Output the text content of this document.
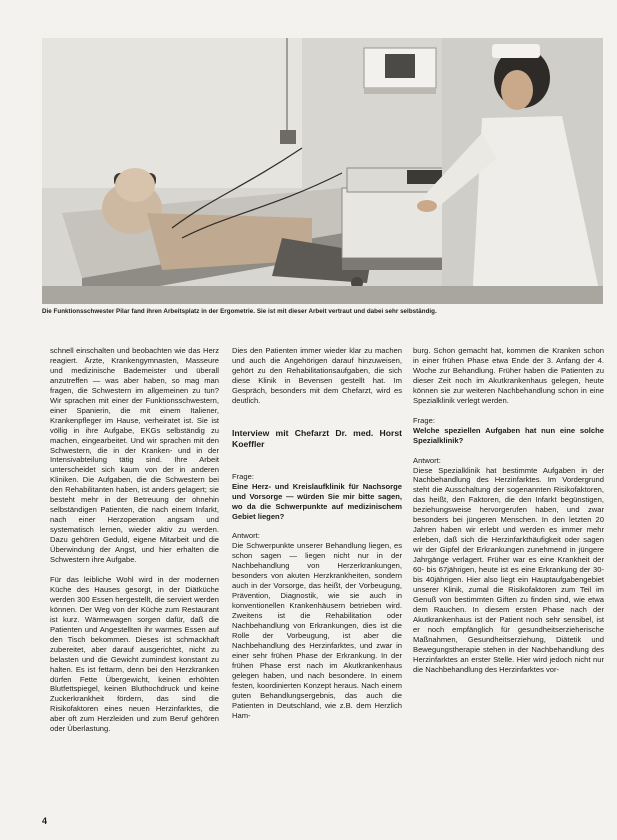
Die Funktionsschwester Pilar fand ihren Arbeitsplatz in der Ergometrie. Sie ist mit dieser Arbeit vertraut und dabei sehr selbständig.

schnell einschalten und beobachten wie das Herz reagiert. Ärzte, Krankengymnasten, Masseure und medizinische Bademeister und überall anzutreffen — was aber haben, so mag man fragen, die Schwestern im allgemeinen zu tun? Wir sprachen mit einer der Funktionsschwestern, einer Spanierin, die mit einem Italiener, Krankenpfleger im Hause, verheiratet ist. Sie ist völlig in ihre Aufgabe, EKGs selbständig zu machen, eingearbeitet. Und wir sprachen mit den Schwestern, die in der Kranken- und in der Intensivabteilung tätig sind. Ihre Arbeit unterscheidet sich kaum von der in anderen Kliniken. Die Aufgaben, die die Schwestern bei den Rehabilitanten haben, ist anders gelagert; sie besteht mehr in der Betreuung der ohnehin selbständigen Patienten, die nach einem Infarkt, nach einer Herzoperation angsam und systematisch lernen, wieder aktiv zu werden. Dazu gehören Geduld, eigene Mitarbeit und die Überwindung der Angst, und hier erhalten die Schwestern ihre Aufgabe.

Für das leibliche Wohl wird in der modernen Küche des Hauses gesorgt, in der Diätküche werden 300 Essen hergestellt, die serviert werden können. Der Weg von der Küche zum Restaurant ist kurz. Wärmewagen sorgen dafür, daß die Patienten und Angestellten ihr warmes Essen auf den Tisch bekommen. Dieses ist schmackhaft zubereitet, aber darauf ausgerichtet, nicht zu belasten und die Gewicht zumindest konstant zu halten. Es ist fettarm, denn bei den Herzkranken dürfen Fette Übergewicht, keinen erhöhten Blutfettspiegel, keinen Bluthochdruck und keine Zuckerkrankheit fördern, das sind die Risikofaktoren eines neuen Herzinfarktes, die aber oft zum Herzleiden und zum Beruf gehören oder Überlastung.

Dies den Patienten immer wieder klar zu machen und auch die Angehörigen darauf hinzuweisen, gehört zu den Rehabilitationsaufgaben, die sich diese Klinik in Bevensen gestellt hat. Im Gespräch, besonders mit dem Chefarzt, wird es deutlich.

Interview mit Chefarzt Dr. med. Horst Koeffler

Frage:

Eine Herz- und Kreislaufklinik für Nachsorge und Vorsorge — würden Sie mir bitte sagen, wo da die Schwerpunkte auf medizinischem Gebiet liegen?

Antwort:

Die Schwerpunkte unserer Behandlung liegen, es schon sagen — liegen nicht nur in der Nachbehandlung von Herzerkrankungen, besonders von akuten Herzkrankheiten, sondern auch in der Vorsorge, das heißt, der Vorbeugung, Prävention, Diagnostik, wie sie auch in konventionellen Krankenhäusern betrieben wird. Zweitens ist die Rehabilitation oder Nachbehandlung von Erkrankungen, dies ist die Rolle der Vorbeugung, ist aber die Nachbehandlung des Herzinfarktes, und zwar in einer sehr frühen Phase der Erkrankung. In der frühen Phase erst nach im Akutkrankenhaus gelegen haben, und nach besondere. In einem festen, koordinierten Konzept heraus. Nach einem guten Behandlungsergebnis, das auch die Patienten in Deutschland, wie z.B. dem Herzlich Ham-

burg. Schon gemacht hat, kommen die Kranken schon in einer frühen Phase etwa Ende der 3. Anfang der 4. Woche zur Behandlung. Früher haben die Patienten zu dieser Zeit noch im Akutkrankenhaus gelegen, heute können sie zur weiteren Nachbehandlung schon in eine Spezialklinik verlegt werden.

Frage:

Welche speziellen Aufgaben hat nun eine solche Spezialklinik?

Antwort:

Diese Spezialklinik hat bestimmte Aufgaben in der Nachbehandlung des Herzinfarktes. Im Vordergrund steht die Ausschaltung der sogenannten Risikofaktoren, das heißt, den Faktoren, die den Infarkt begünstigen, beziehungsweise hervorgerufen haben, und zwar besonders bei jüngeren Menschen. In den letzten 20 Jahren haben wir erlebt und werden es immer mehr erleben, daß sich die Herzinfarkthäufigkeit oder sagen wir der Gipfel der Erkrankungen zunehmend in jüngere Jahrgänge verlagert. Früher war es eine Krankheit der 60- bis 67jährigen, heute ist es eine Erkrankung der 30- bis 40jährigen. Hier also liegt ein Hauptaufgabengebiet unserer Klinik, zumal die Risikofaktoren zum Teil im Genuß von bestimmten Giften zu finden sind, wie etwa dem Rauchen. In diesem ersten Phase nach der Akutkrankenhaus ist der Patient noch sehr sensibel, ist er noch empfänglich für gesundheitserzieherische Maßnahmen, Gesundheitserziehung, Diätetik und Bewegungstherapie stehen in der Nachbehandlung des Herzinfarktes an erster Stelle. Hier wird jedoch nicht nur die Nachbehandlung des Herzinfarktes vor-

4
